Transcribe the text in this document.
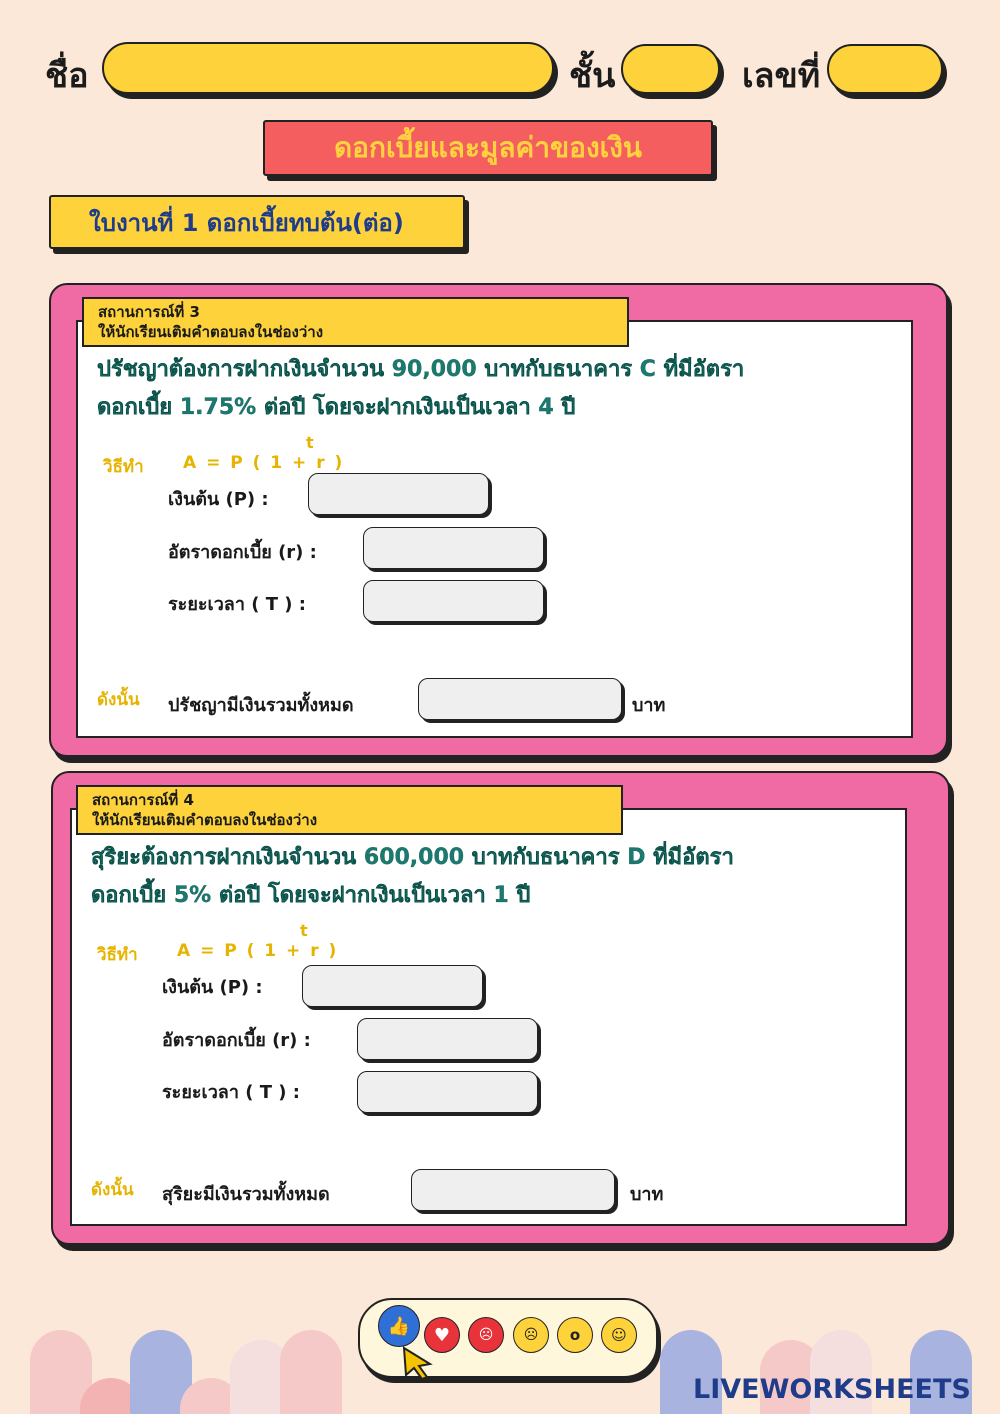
ชื่อ	ชั้น	เลขที่
ดอกเบี้ยและมูลค่าของเงิน
ใบงานที่ 1 ดอกเบี้ยทบต้น(ต่อ)
สถานการณ์ที่ 3
ให้นักเรียนเติมคำตอบลงในช่องว่าง
ปรัชญาต้องการฝากเงินจำนวน 90,000 บาทกับธนาคาร C ที่มีอัตรา
ดอกเบี้ย 1.75% ต่อปี โดยจะฝากเงินเป็นเวลา 4 ปี
วิธีทำ A = P ( 1 + r )
t
เงินต้น (P) :
อัตราดอกเบี้ย (r) :
ระยะเวลา ( T ) :
ดังนั้น ปรัชญามีเงินรวมทั้งหมด	บาท
สถานการณ์ที่ 4
ให้นักเรียนเติมคำตอบลงในช่องว่าง
สุริยะต้องการฝากเงินจำนวน 600,000 บาทกับธนาคาร D ที่มีอัตรา
ดอกเบี้ย 5% ต่อปี โดยจะฝากเงินเป็นเวลา 1 ปี
วิธีทำ A = P ( 1 + r )
t
เงินต้น (P) :
อัตราดอกเบี้ย (r) :
ระยะเวลา ( T ) :
ดังนั้น สุริยะมีเงินรวมทั้งหมด	บาท
👍	♥	☹	☹	o	☺
LIVEWORKSHEETS
